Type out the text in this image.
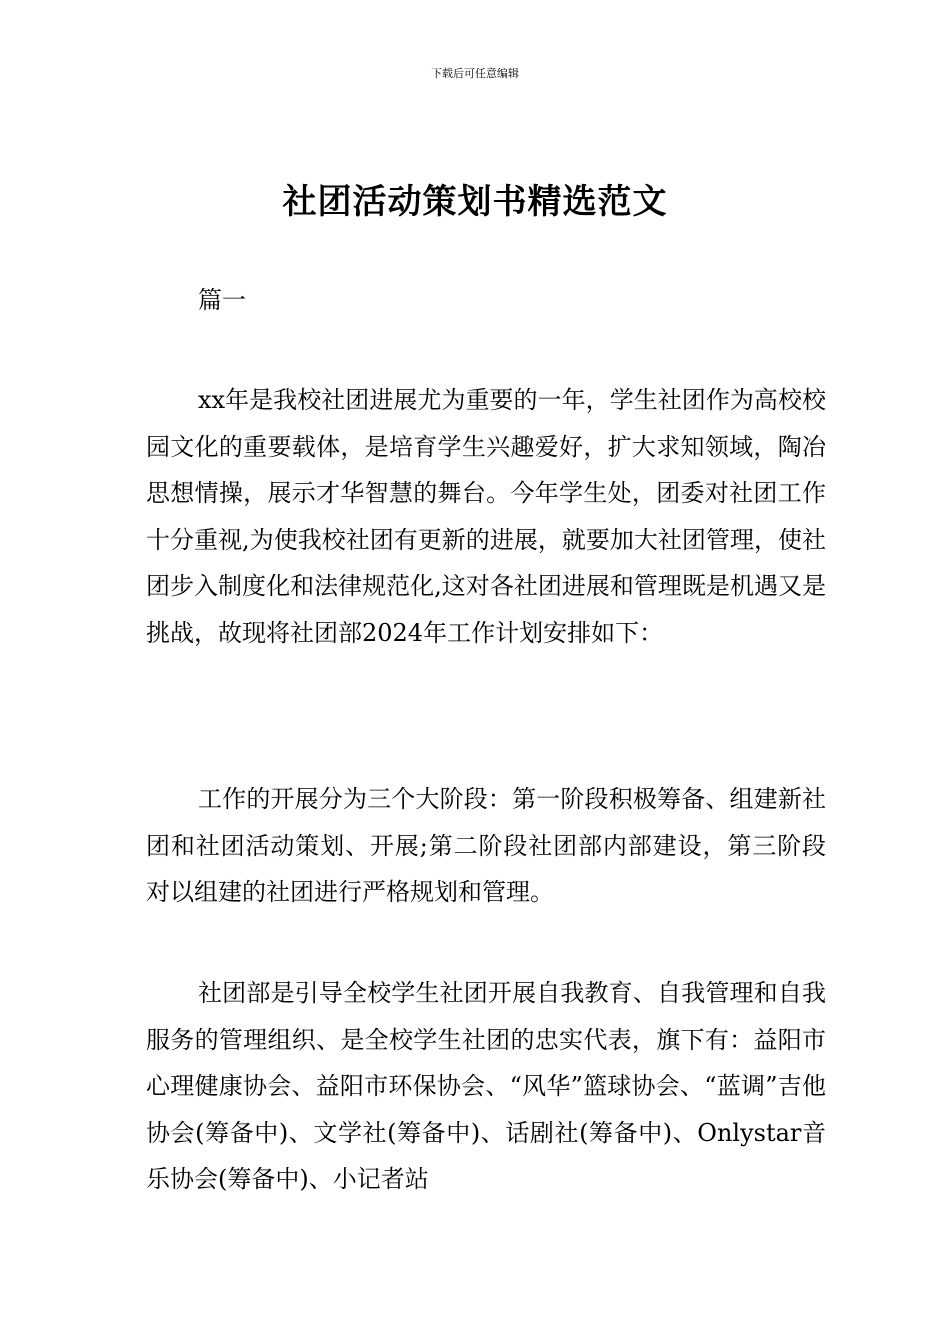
下载后可任意编辑
社团活动策划书精选范文
篇一

xx年是我校社团进展尤为重要的一年，学生社团作为高校校园文化的重要载体，是培育学生兴趣爱好，扩大求知领域，陶冶思想情操，展示才华智慧的舞台。今年学生处，团委对社团工作十分重视,为使我校社团有更新的进展，就要加大社团管理，使社团步入制度化和法律规范化,这对各社团进展和管理既是机遇又是挑战，故现将社团部2024年工作计划安排如下：

工作的开展分为三个大阶段：第一阶段积极筹备、组建新社团和社团活动策划、开展;第二阶段社团部内部建设，第三阶段对以组建的社团进行严格规划和管理。

社团部是引导全校学生社团开展自我教育、自我管理和自我服务的管理组织、是全校学生社团的忠实代表，旗下有：益阳市心理健康协会、益阳市环保协会、“风华”篮球协会、“蓝调”吉他协会(筹备中)、文学社(筹备中)、话剧社(筹备中)、Onlystar音乐协会(筹备中)、小记者站
